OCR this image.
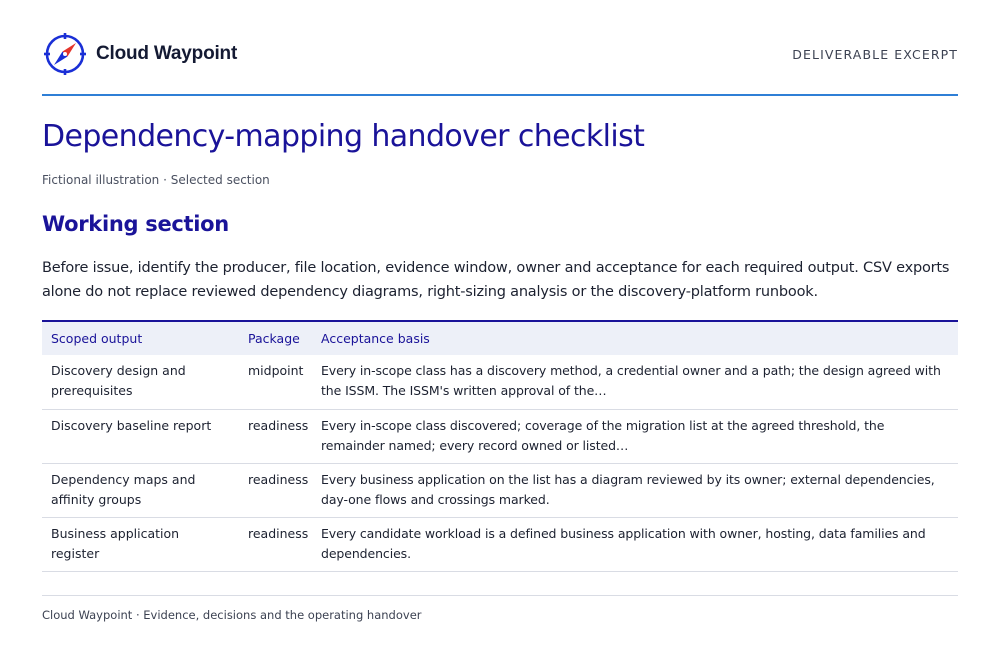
Cloud Waypoint	DELIVERABLE EXCERPT
Dependency-mapping handover checklist
Fictional illustration · Selected section
Working section

Before issue, identify the producer, file location, evidence window, owner and acceptance for each required output. CSV exports alone do not replace reviewed dependency diagrams, right-sizing analysis or the discovery-platform runbook.

Scoped output	Package	Acceptance basis
Discovery design and prerequisites	midpoint	Every in-scope class has a discovery method, a credential owner and a path; the design agreed with the ISSM. The ISSM's written approval of the…
Discovery baseline report	readiness	Every in-scope class discovered; coverage of the migration list at the agreed threshold, the remainder named; every record owned or listed…
Dependency maps and affinity groups	readiness	Every business application on the list has a diagram reviewed by its owner; external dependencies, day-one flows and crossings marked.
Business application register	readiness	Every candidate workload is a defined business application with owner, hosting, data families and dependencies.
Cloud Waypoint · Evidence, decisions and the operating handover
